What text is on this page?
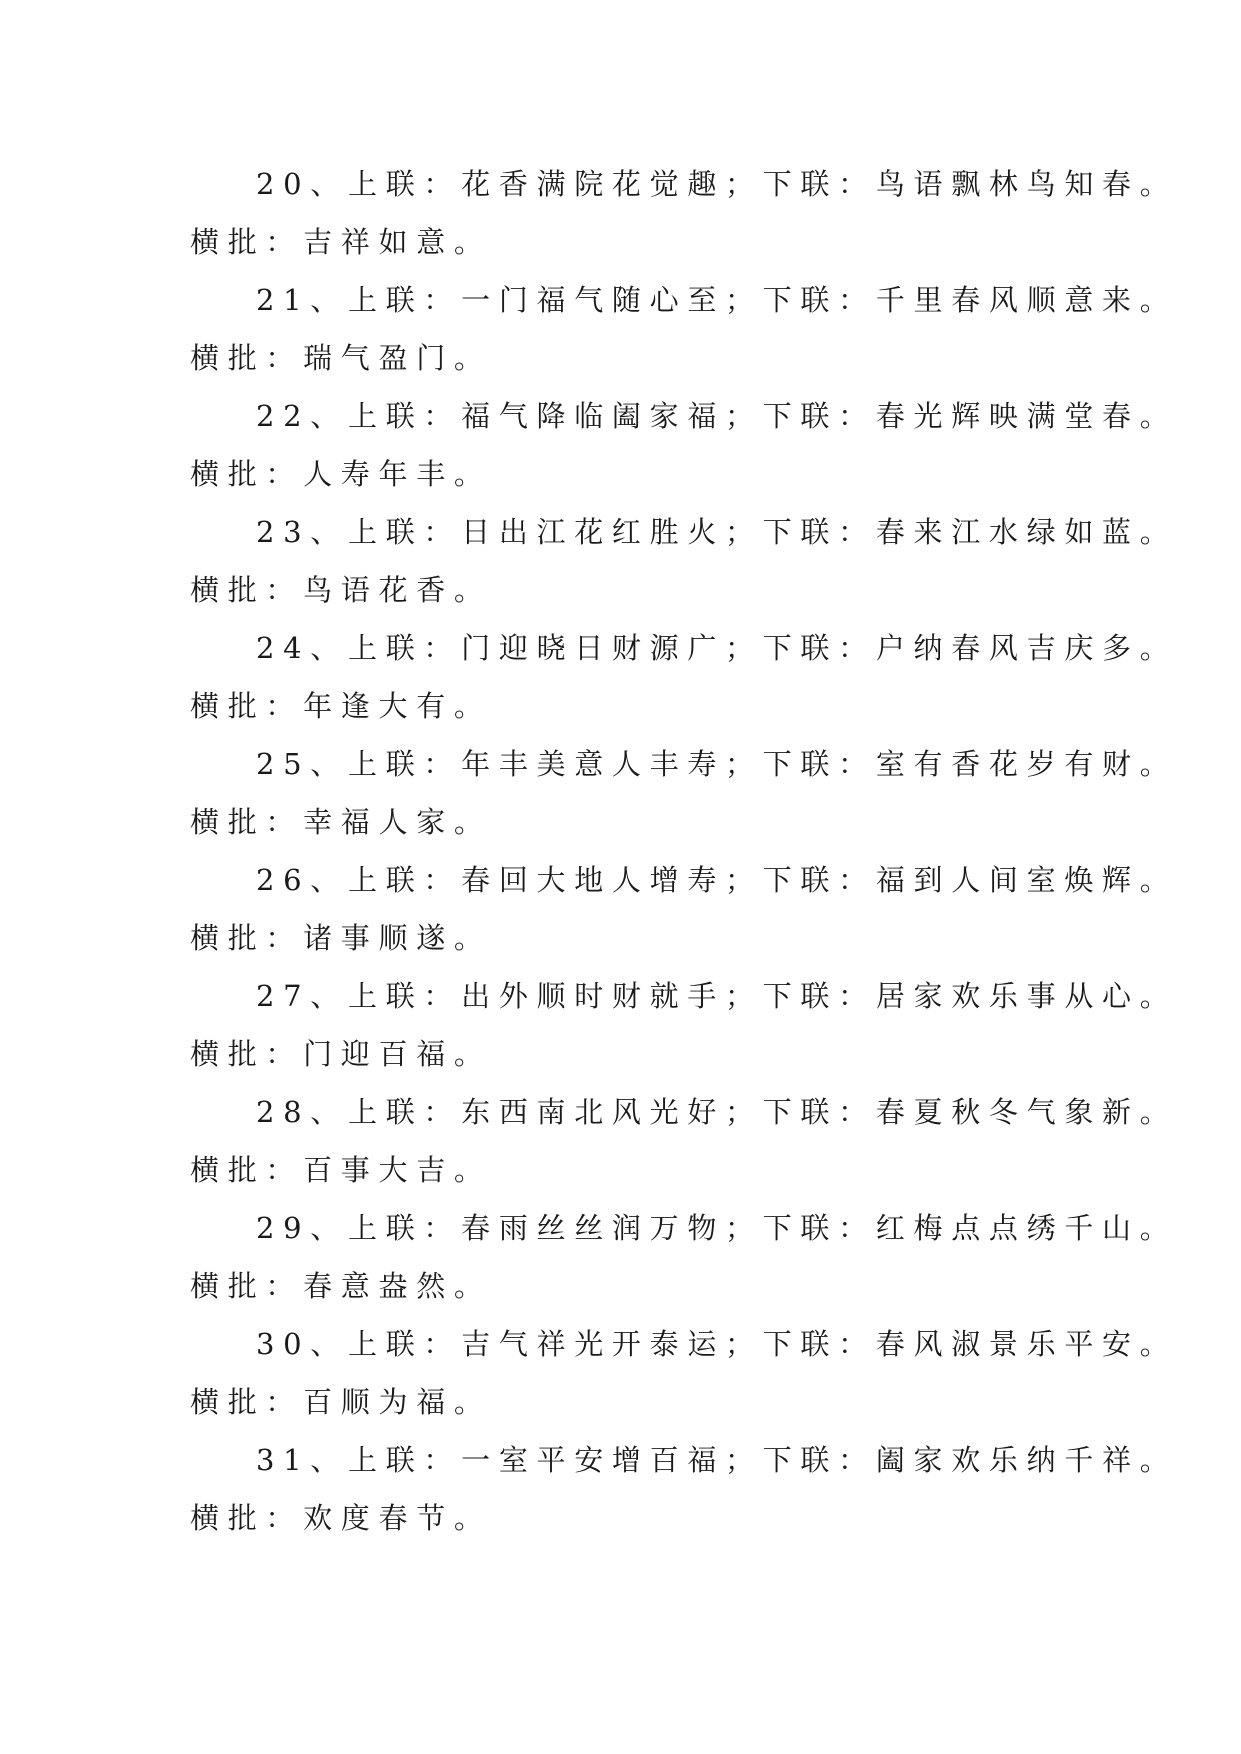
20、上联：花香满院花觉趣；下联：鸟语飘林鸟知春。

横批：吉祥如意。

21、上联：一门福气随心至；下联：千里春风顺意来。

横批：瑞气盈门。

22、上联：福气降临阖家福；下联：春光辉映满堂春。

横批：人寿年丰。

23、上联：日出江花红胜火；下联：春来江水绿如蓝。

横批：鸟语花香。

24、上联：门迎晓日财源广；下联：户纳春风吉庆多。

横批：年逢大有。

25、上联：年丰美意人丰寿；下联：室有香花岁有财。

横批：幸福人家。

26、上联：春回大地人增寿；下联：福到人间室焕辉。

横批：诸事顺遂。

27、上联：出外顺时财就手；下联：居家欢乐事从心。

横批：门迎百福。

28、上联：东西南北风光好；下联：春夏秋冬气象新。

横批：百事大吉。

29、上联：春雨丝丝润万物；下联：红梅点点绣千山。

横批：春意盎然。

30、上联：吉气祥光开泰运；下联：春风淑景乐平安。

横批：百顺为福。

31、上联：一室平安增百福；下联：阖家欢乐纳千祥。

横批：欢度春节。
